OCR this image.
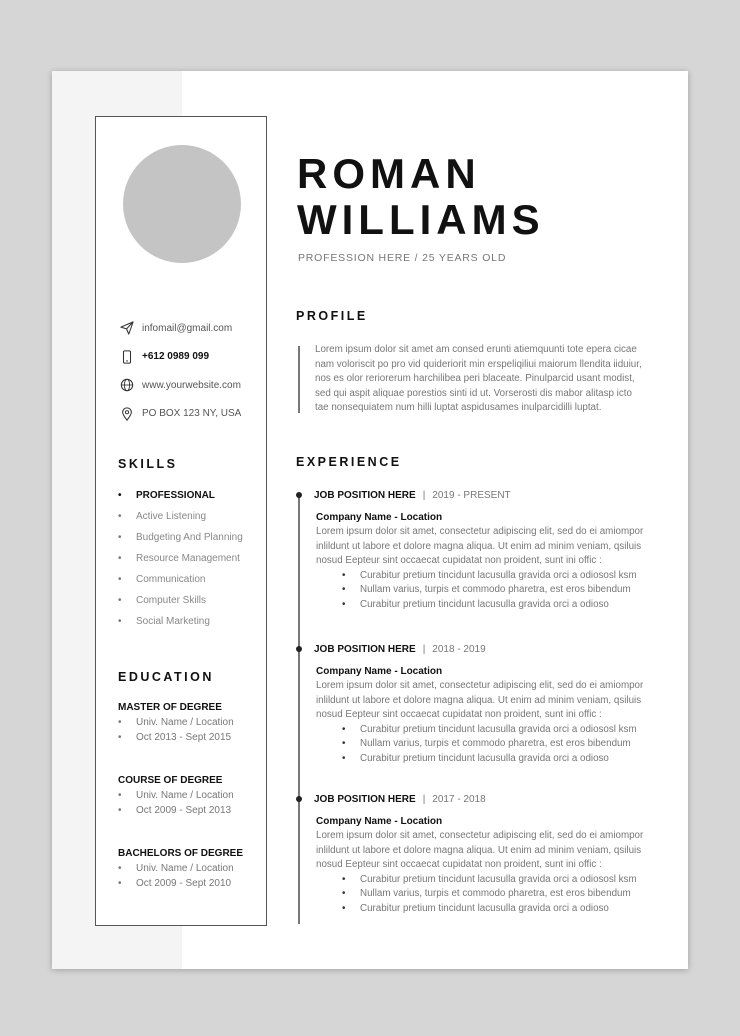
infomail@gmail.com
+612 0989 099
www.yourwebsite.com
PO BOX 123 NY, USA
SKILLS
• PROFESSIONAL
• Active Listening
• Budgeting And Planning
• Resource Management
• Communication
• Computer Skills
• Social Marketing
EDUCATION
MASTER OF DEGREE
• Univ. Name / Location
• Oct 2013 - Sept 2015
COURSE OF DEGREE
• Univ. Name / Location
• Oct 2009 - Sept 2013
BACHELORS OF DEGREE
• Univ. Name / Location
• Oct 2009 - Sept 2010
ROMAN
WILLIAMS
PROFESSION HERE / 25 YEARS OLD
PROFILE
Lorem ipsum dolor sit amet am consed erunti atiemquunti tote epera cicae nam voloriscit po pro vid quideriorit min erspeliqiliui maiorum llendita iiduiur, nos es olor reriorerum harchilibea peri blaceate. Pinulparcid usant modist, sed qui aspit aliquae porestios sinti id ut. Vorserosti dis mabor alitasp icto tae nonsequiatem num hilli luptat aspidusames inulparcidilli luptat.
EXPERIENCE
JOB POSITION HERE | 2019 - PRESENT
Company Name - Location
Lorem ipsum dolor sit amet, consectetur adipiscing elit, sed do ei amiompor inlildunt ut labore et dolore magna aliqua. Ut enim ad minim veniam, qsiluis nosud Eepteur sint occaecat cupidatat non proident, sunt ini offic :
• Curabitur pretium tincidunt lacusulla gravida orci a odiososl ksm
• Nullam varius, turpis et commodo pharetra, est eros bibendum
• Curabitur pretium tincidunt lacusulla gravida orci a odioso
JOB POSITION HERE | 2018 - 2019
Company Name - Location
Lorem ipsum dolor sit amet, consectetur adipiscing elit, sed do ei amiompor inlildunt ut labore et dolore magna aliqua. Ut enim ad minim veniam, qsiluis nosud Eepteur sint occaecat cupidatat non proident, sunt ini offic :
• Curabitur pretium tincidunt lacusulla gravida orci a odiososl ksm
• Nullam varius, turpis et commodo pharetra, est eros bibendum
• Curabitur pretium tincidunt lacusulla gravida orci a odioso
JOB POSITION HERE | 2017 - 2018
Company Name - Location
Lorem ipsum dolor sit amet, consectetur adipiscing elit, sed do ei amiompor inlildunt ut labore et dolore magna aliqua. Ut enim ad minim veniam, qsiluis nosud Eepteur sint occaecat cupidatat non proident, sunt ini offic :
• Curabitur pretium tincidunt lacusulla gravida orci a odiososl ksm
• Nullam varius, turpis et commodo pharetra, est eros bibendum
• Curabitur pretium tincidunt lacusulla gravida orci a odioso
